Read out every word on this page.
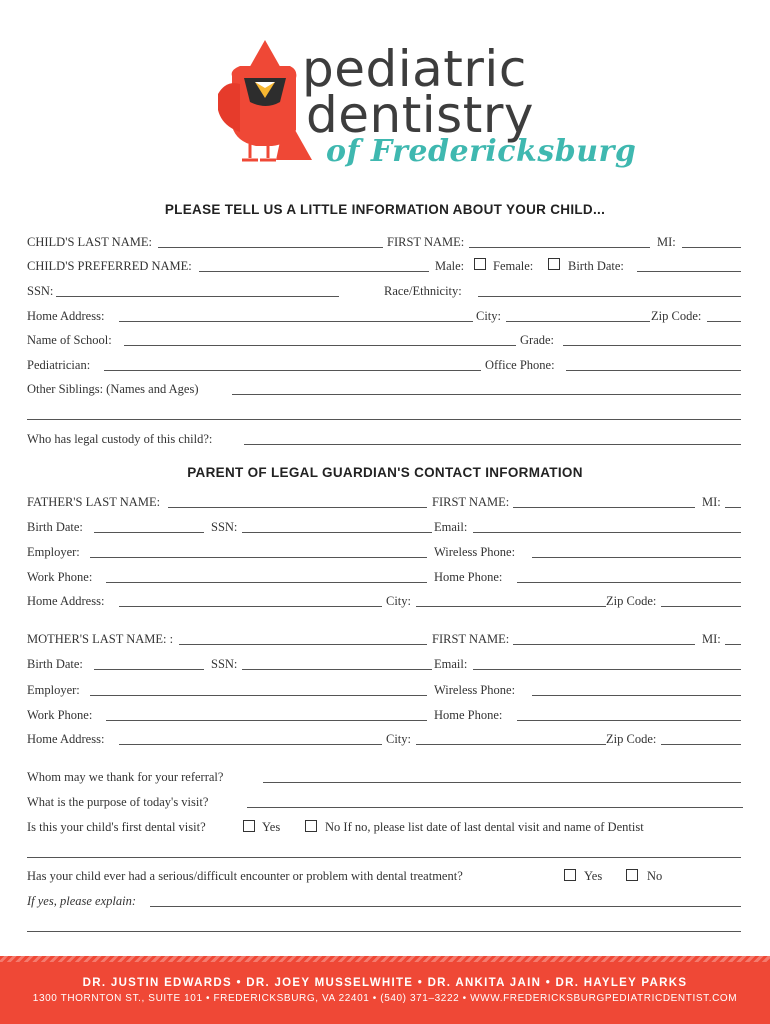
pediatric
dentistry
of Fredericksburg
PLEASE TELL US A LITTLE INFORMATION ABOUT YOUR CHILD...
CHILD'S LAST NAME:	FIRST NAME:	MI:
CHILD'S PREFERRED NAME:	Male: Female:	Birth Date:
SSN:	Race/Ethnicity:
Home Address:	City:	Zip Code:
Name of School:	Grade:
Pediatrician:	Office Phone:
Other Siblings: (Names and Ages)
Who has legal custody of this child?:
PARENT OF LEGAL GUARDIAN'S CONTACT INFORMATION
FATHER'S LAST NAME:	FIRST NAME:	MI:
Birth Date:	SSN:	Email:
Employer:	Wireless Phone:
Work Phone:	Home Phone:
Home Address:	City:	Zip Code:
MOTHER'S LAST NAME: :	FIRST NAME:	MI:
Birth Date:	SSN:	Email:
Employer:	Wireless Phone:
Work Phone:	Home Phone:
Home Address:	City:	Zip Code:
Whom may we thank for your referral?
What is the purpose of today's visit?
Is this your child's first dental visit?	Yes	No If no, please list date of last dental visit and name of Dentist
Has your child ever had a serious/difficult encounter or problem with dental treatment?	Yes	No
If yes, please explain:
DR. JUSTIN EDWARDS • DR. JOEY MUSSELWHITE • DR. ANKITA JAIN • DR. HAYLEY PARKS
1300 THORNTON ST., SUITE 101 • FREDERICKSBURG, VA 22401 • (540) 371–3222 • WWW.FREDERICKSBURGPEDIATRICDENTIST.COM
